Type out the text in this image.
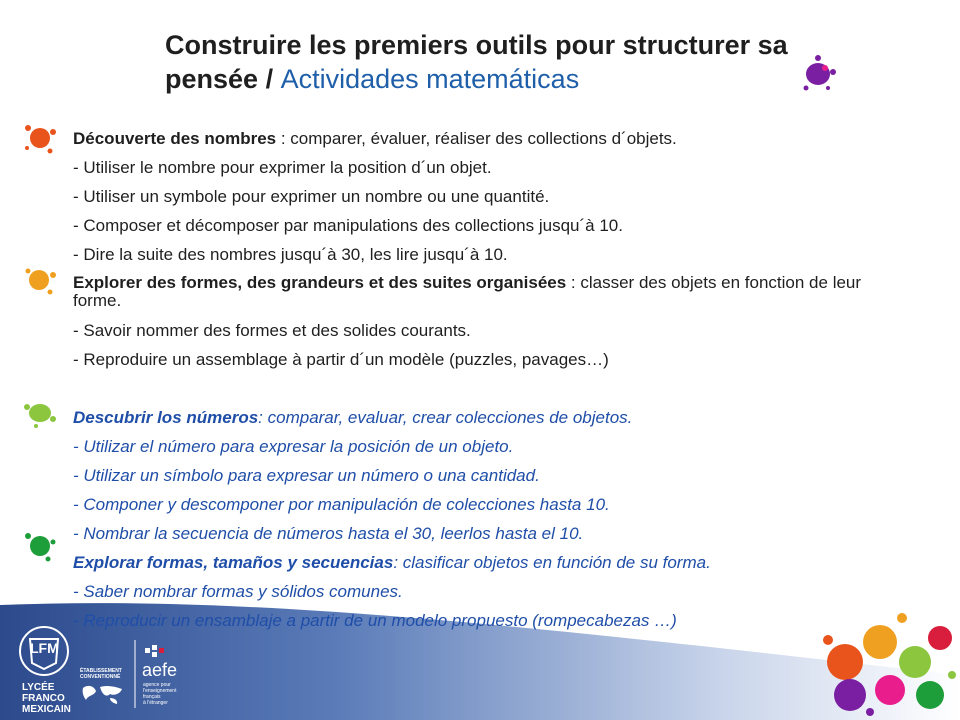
Construire les premiers outils pour structurer sa pensée / Actividades matemáticas
LFM
LYCÉE
FRANCO
MEXICAIN
ÉTABLISSEMENT
CONVENTIONNÉ aefe
agence pour
l'enseignement
français
à l'étranger
Découverte des nombres : comparer, évaluer, réaliser des collections d´objets.
- Utiliser le nombre pour exprimer la position d´un objet.
- Utiliser un symbole pour exprimer un nombre ou une quantité.
- Composer et décomposer par manipulations des collections jusqu´à 10.
- Dire la suite des nombres jusqu´à 30, les lire jusqu´à 10.
Explorer des formes, des grandeurs et des suites organisées : classer des objets en fonction de leur forme.
- Savoir nommer des formes et des solides courants.
- Reproduire un assemblage à partir d´un modèle (puzzles, pavages…)
Descubrir los números: comparar, evaluar, crear colecciones de objetos.
- Utilizar el número para expresar la posición de un objeto.
- Utilizar un símbolo para expresar un número o una cantidad.
- Componer y descomponer por manipulación de colecciones hasta 10.
- Nombrar la secuencia de números hasta el 30, leerlos hasta el 10.
Explorar formas, tamaños y secuencias: clasificar objetos en función de su forma.
- Saber nombrar formas y sólidos comunes.
- Reproducir un ensamblaje a partir de un modelo propuesto (rompecabezas …)
